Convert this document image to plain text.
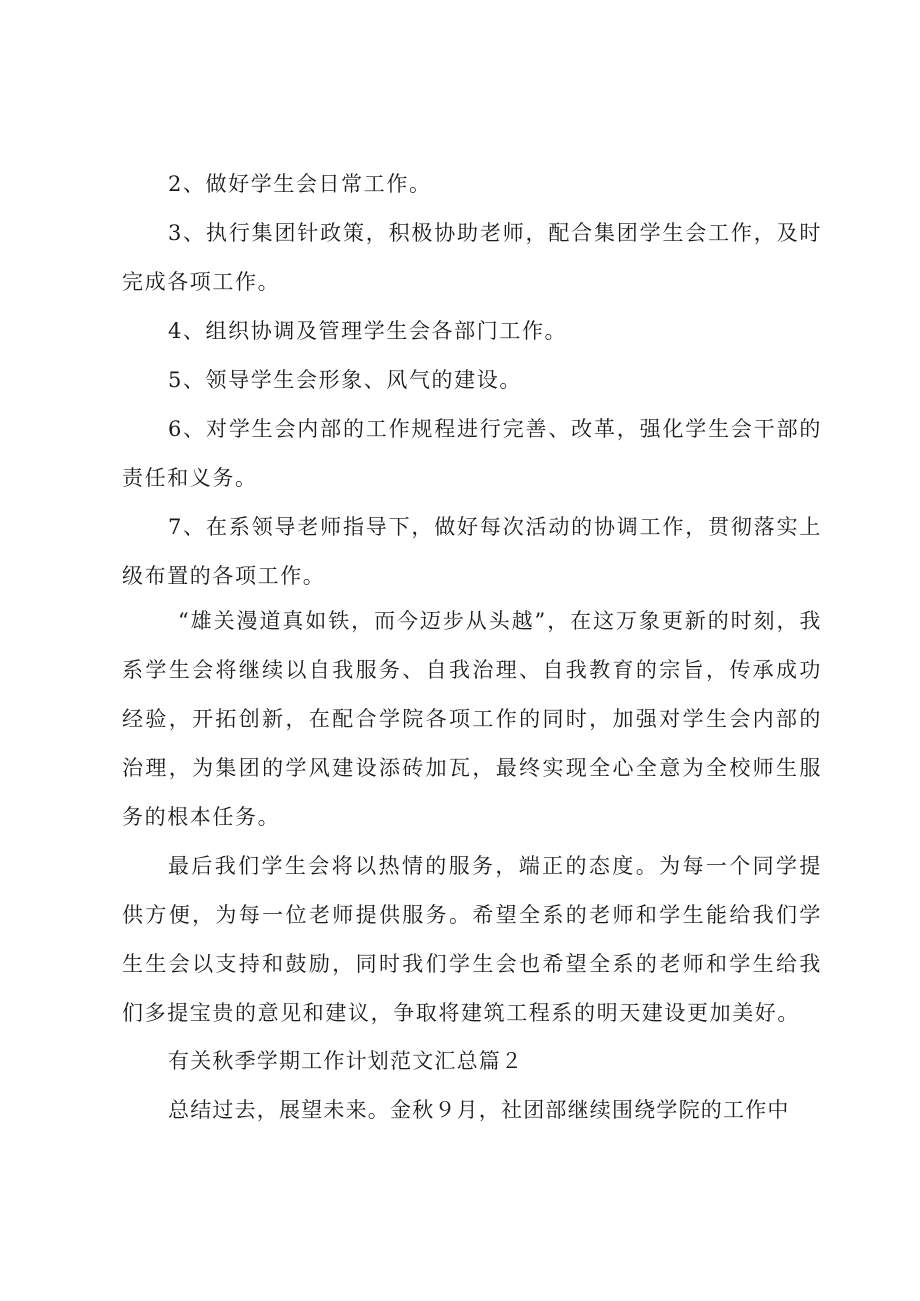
2、做好学生会日常工作。

3、执行集团针政策，积极协助老师，配合集团学生会工作，及时完成各项工作。

4、组织协调及管理学生会各部门工作。

5、领导学生会形象、风气的建设。

6、对学生会内部的工作规程进行完善、改革，强化学生会干部的责任和义务。

7、在系领导老师指导下，做好每次活动的协调工作，贯彻落实上级布置的各项工作。

“雄关漫道真如铁，而今迈步从头越”，在这万象更新的时刻，我系学生会将继续以自我服务、自我治理、自我教育的宗旨，传承成功经验，开拓创新，在配合学院各项工作的同时，加强对学生会内部的治理，为集团的学风建设添砖加瓦，最终实现全心全意为全校师生服务的根本任务。

最后我们学生会将以热情的服务，端正的态度。为每一个同学提供方便，为每一位老师提供服务。希望全系的老师和学生能给我们学生生会以支持和鼓励，同时我们学生会也希望全系的老师和学生给我们多提宝贵的意见和建议，争取将建筑工程系的明天建设更加美好。

有关秋季学期工作计划范文汇总篇２

总结过去，展望未来。金秋９月，社团部继续围绕学院的工作中
